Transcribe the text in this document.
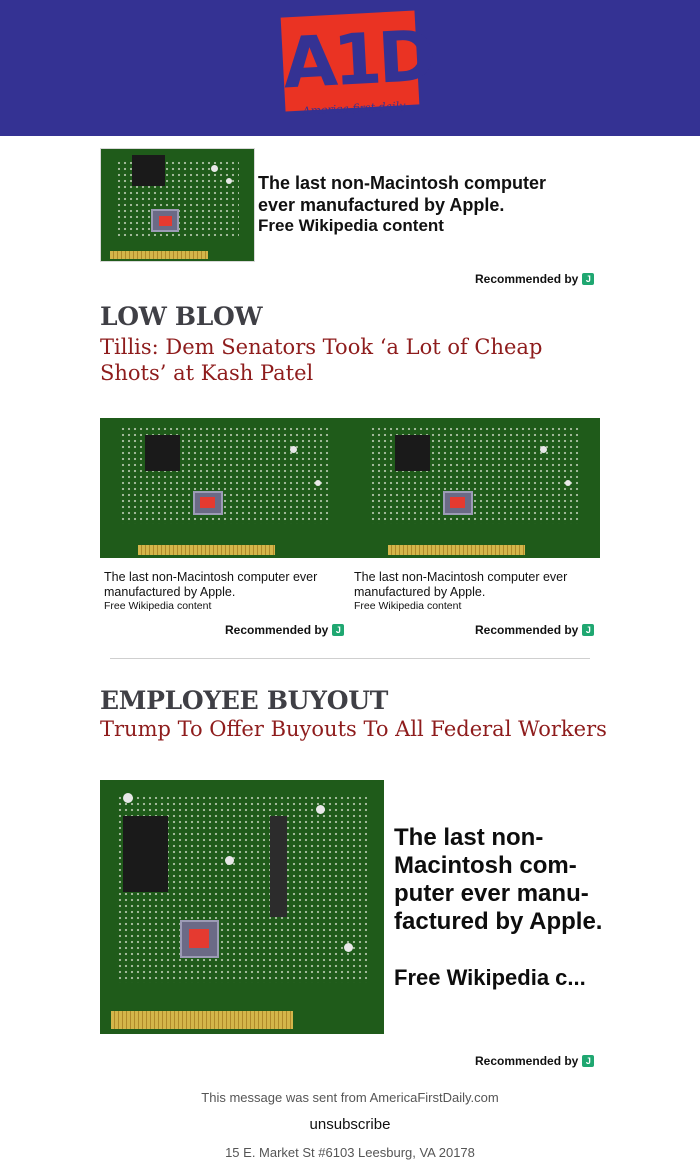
A1D
America first daily
The last non-Macintosh computer ever manufactured by Apple.
Free Wikipedia content
Recommended by J
LOW BLOW
Tillis: Dem Senators Took ‘a Lot of Cheap Shots’ at Kash Patel
The last non-Macintosh computer ever manufactured by Apple.
Free Wikipedia content
The last non-Macintosh computer ever manufactured by Apple.
Free Wikipedia content
Recommended by J	Recommended by J
EMPLOYEE BUYOUT
Trump To Offer Buyouts To All Federal Workers
The last non-Macintosh com-puter ever manu-factured by Apple.
Free Wikipedia c...
Recommended by J
This message was sent from AmericaFirstDaily.com
unsubscribe
15 E. Market St #6103 Leesburg, VA 20178
